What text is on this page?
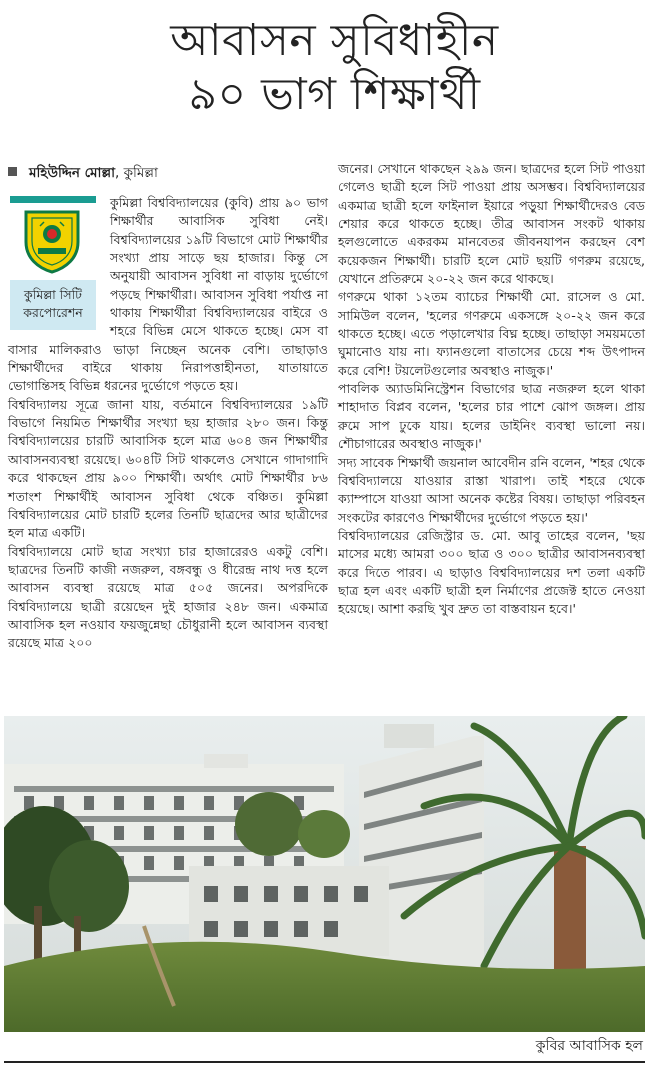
আবাসন সুবিধাহীন
৯০ ভাগ শিক্ষার্থী
মহিউদ্দিন মোল্লা, কুমিল্লা
কুমিল্লা সিটি
করপোরেশন

কুমিল্লা বিশ্ববিদ্যালয়ের (কুবি) প্রায় ৯০ ভাগ শিক্ষার্থীর আবাসিক সুবিধা নেই। বিশ্ববিদ্যালয়ের ১৯টি বিভাগে মোট শিক্ষার্থীর সংখ্যা প্রায় সাড়ে ছয় হাজার। কিন্তু সে অনুযায়ী আবাসন সুবিধা না বাড়ায় দুর্ভোগে পড়ছে শিক্ষার্থীরা। আবাসন সুবিধা পর্যাপ্ত না থাকায় শিক্ষার্থীরা বিশ্ববিদ্যালয়ের বাইরে ও শহরে বিভিন্ন মেসে থাকতে হচ্ছে। মেস বা বাসার মালিকরাও ভাড়া নিচ্ছেন অনেক বেশি। তাছাড়াও শিক্ষার্থীদের বাইরে থাকায় নিরাপত্তাহীনতা, যাতায়াতে ভোগান্তিসহ বিভিন্ন ধরনের দুর্ভোগে পড়তে হয়।

বিশ্ববিদ্যালয় সূত্রে জানা যায়, বর্তমানে বিশ্ববিদ্যালয়ের ১৯টি বিভাগে নিয়মিত শিক্ষার্থীর সংখ্যা ছয় হাজার ২৮০ জন। কিন্তু বিশ্ববিদ্যালয়ের চারটি আবাসিক হলে মাত্র ৬০৪ জন শিক্ষার্থীর আবাসনব্যবস্থা রয়েছে। ৬০৪টি সিট থাকলেও সেখানে গাদাগাদি করে থাকছেন প্রায় ৯০০ শিক্ষার্থী। অর্থাৎ মোট শিক্ষার্থীর ৮৬ শতাংশ শিক্ষার্থীই আবাসন সুবিধা থেকে বঞ্চিত। কুমিল্লা বিশ্ববিদ্যালয়ের মোট চারটি হলের তিনটি ছাত্রদের আর ছাত্রীদের হল মাত্র একটি।

বিশ্ববিদ্যালয়ে মোট ছাত্র সংখ্যা চার হাজারেরও একটু বেশি। ছাত্রদের তিনটি কাজী নজরুল, বঙ্গবন্ধু ও ধীরেন্দ্র নাথ দত্ত হলে আবাসন ব্যবস্থা রয়েছে মাত্র ৫০৫ জনের। অপরদিকে বিশ্ববিদ্যালয়ে ছাত্রী রয়েছেন দুই হাজার ২৪৮ জন। একমাত্র আবাসিক হল নওয়াব ফয়জুন্নেছা চৌধুরানী হলে আবাসন ব্যবস্থা রয়েছে মাত্র ২০০

জনের। সেখানে থাকছেন ২৯৯ জন। ছাত্রদের হলে সিট পাওয়া গেলেও ছাত্রী হলে সিট পাওয়া প্রায় অসম্ভব। বিশ্ববিদ্যালয়ের একমাত্র ছাত্রী হলে ফাইনাল ইয়ারে পড়ুয়া শিক্ষার্থীদেরও বেড শেয়ার করে থাকতে হচ্ছে। তীব্র আবাসন সংকট থাকায় হলগুলোতে একরকম মানবেতর জীবনযাপন করছেন বেশ কয়েকজন শিক্ষার্থী। চারটি হলে মোট ছয়টি গণরুম রয়েছে, যেখানে প্রতিরুমে ২০-২২ জন করে থাকছে।

গণরুমে থাকা ১২তম ব্যাচের শিক্ষার্থী মো. রাসেল ও মো. সামিউল বলেন, 'হলের গণরুমে একসঙ্গে ২০-২২ জন করে থাকতে হচ্ছে। এতে পড়ালেখার বিঘ্ন হচ্ছে। তাছাড়া সময়মতো ঘুমানোও যায় না। ফ্যানগুলো বাতাসের চেয়ে শব্দ উৎপাদন করে বেশি! টয়লেটগুলোর অবস্থাও নাজুক।'

পাবলিক অ্যাডমিনিস্ট্রেশন বিভাগের ছাত্র নজরুল হলে থাকা শাহাদাত বিপ্লব বলেন, 'হলের চার পাশে ঝোপ জঙ্গল। প্রায় রুমে সাপ ঢুকে যায়। হলের ডাইনিং ব্যবস্থা ভালো নয়। শৌচাগারের অবস্থাও নাজুক।'

সদ্য সাবেক শিক্ষার্থী জয়নাল আবেদীন রনি বলেন, 'শহর থেকে বিশ্ববিদ্যালয়ে যাওয়ার রাস্তা খারাপ। তাই শহরে থেকে ক্যাম্পাসে যাওয়া আসা অনেক কষ্টের বিষয়। তাছাড়া পরিবহন সংকটের কারণেও শিক্ষার্থীদের দুর্ভোগে পড়তে হয়।'

বিশ্ববিদ্যালয়ের রেজিস্ট্রার ড. মো. আবু তাহের বলেন, 'ছয় মাসের মধ্যে আমরা ৩০০ ছাত্র ও ৩০০ ছাত্রীর আবাসনব্যবস্থা করে দিতে পারব। এ ছাড়াও বিশ্ববিদ্যালয়ের দশ তলা একটি ছাত্র হল এবং একটি ছাত্রী হল নির্মাণের প্রজেক্ট হাতে নেওয়া হয়েছে। আশা করছি খুব দ্রুত তা বাস্তবায়ন হবে।'

কুবির আবাসিক হল
